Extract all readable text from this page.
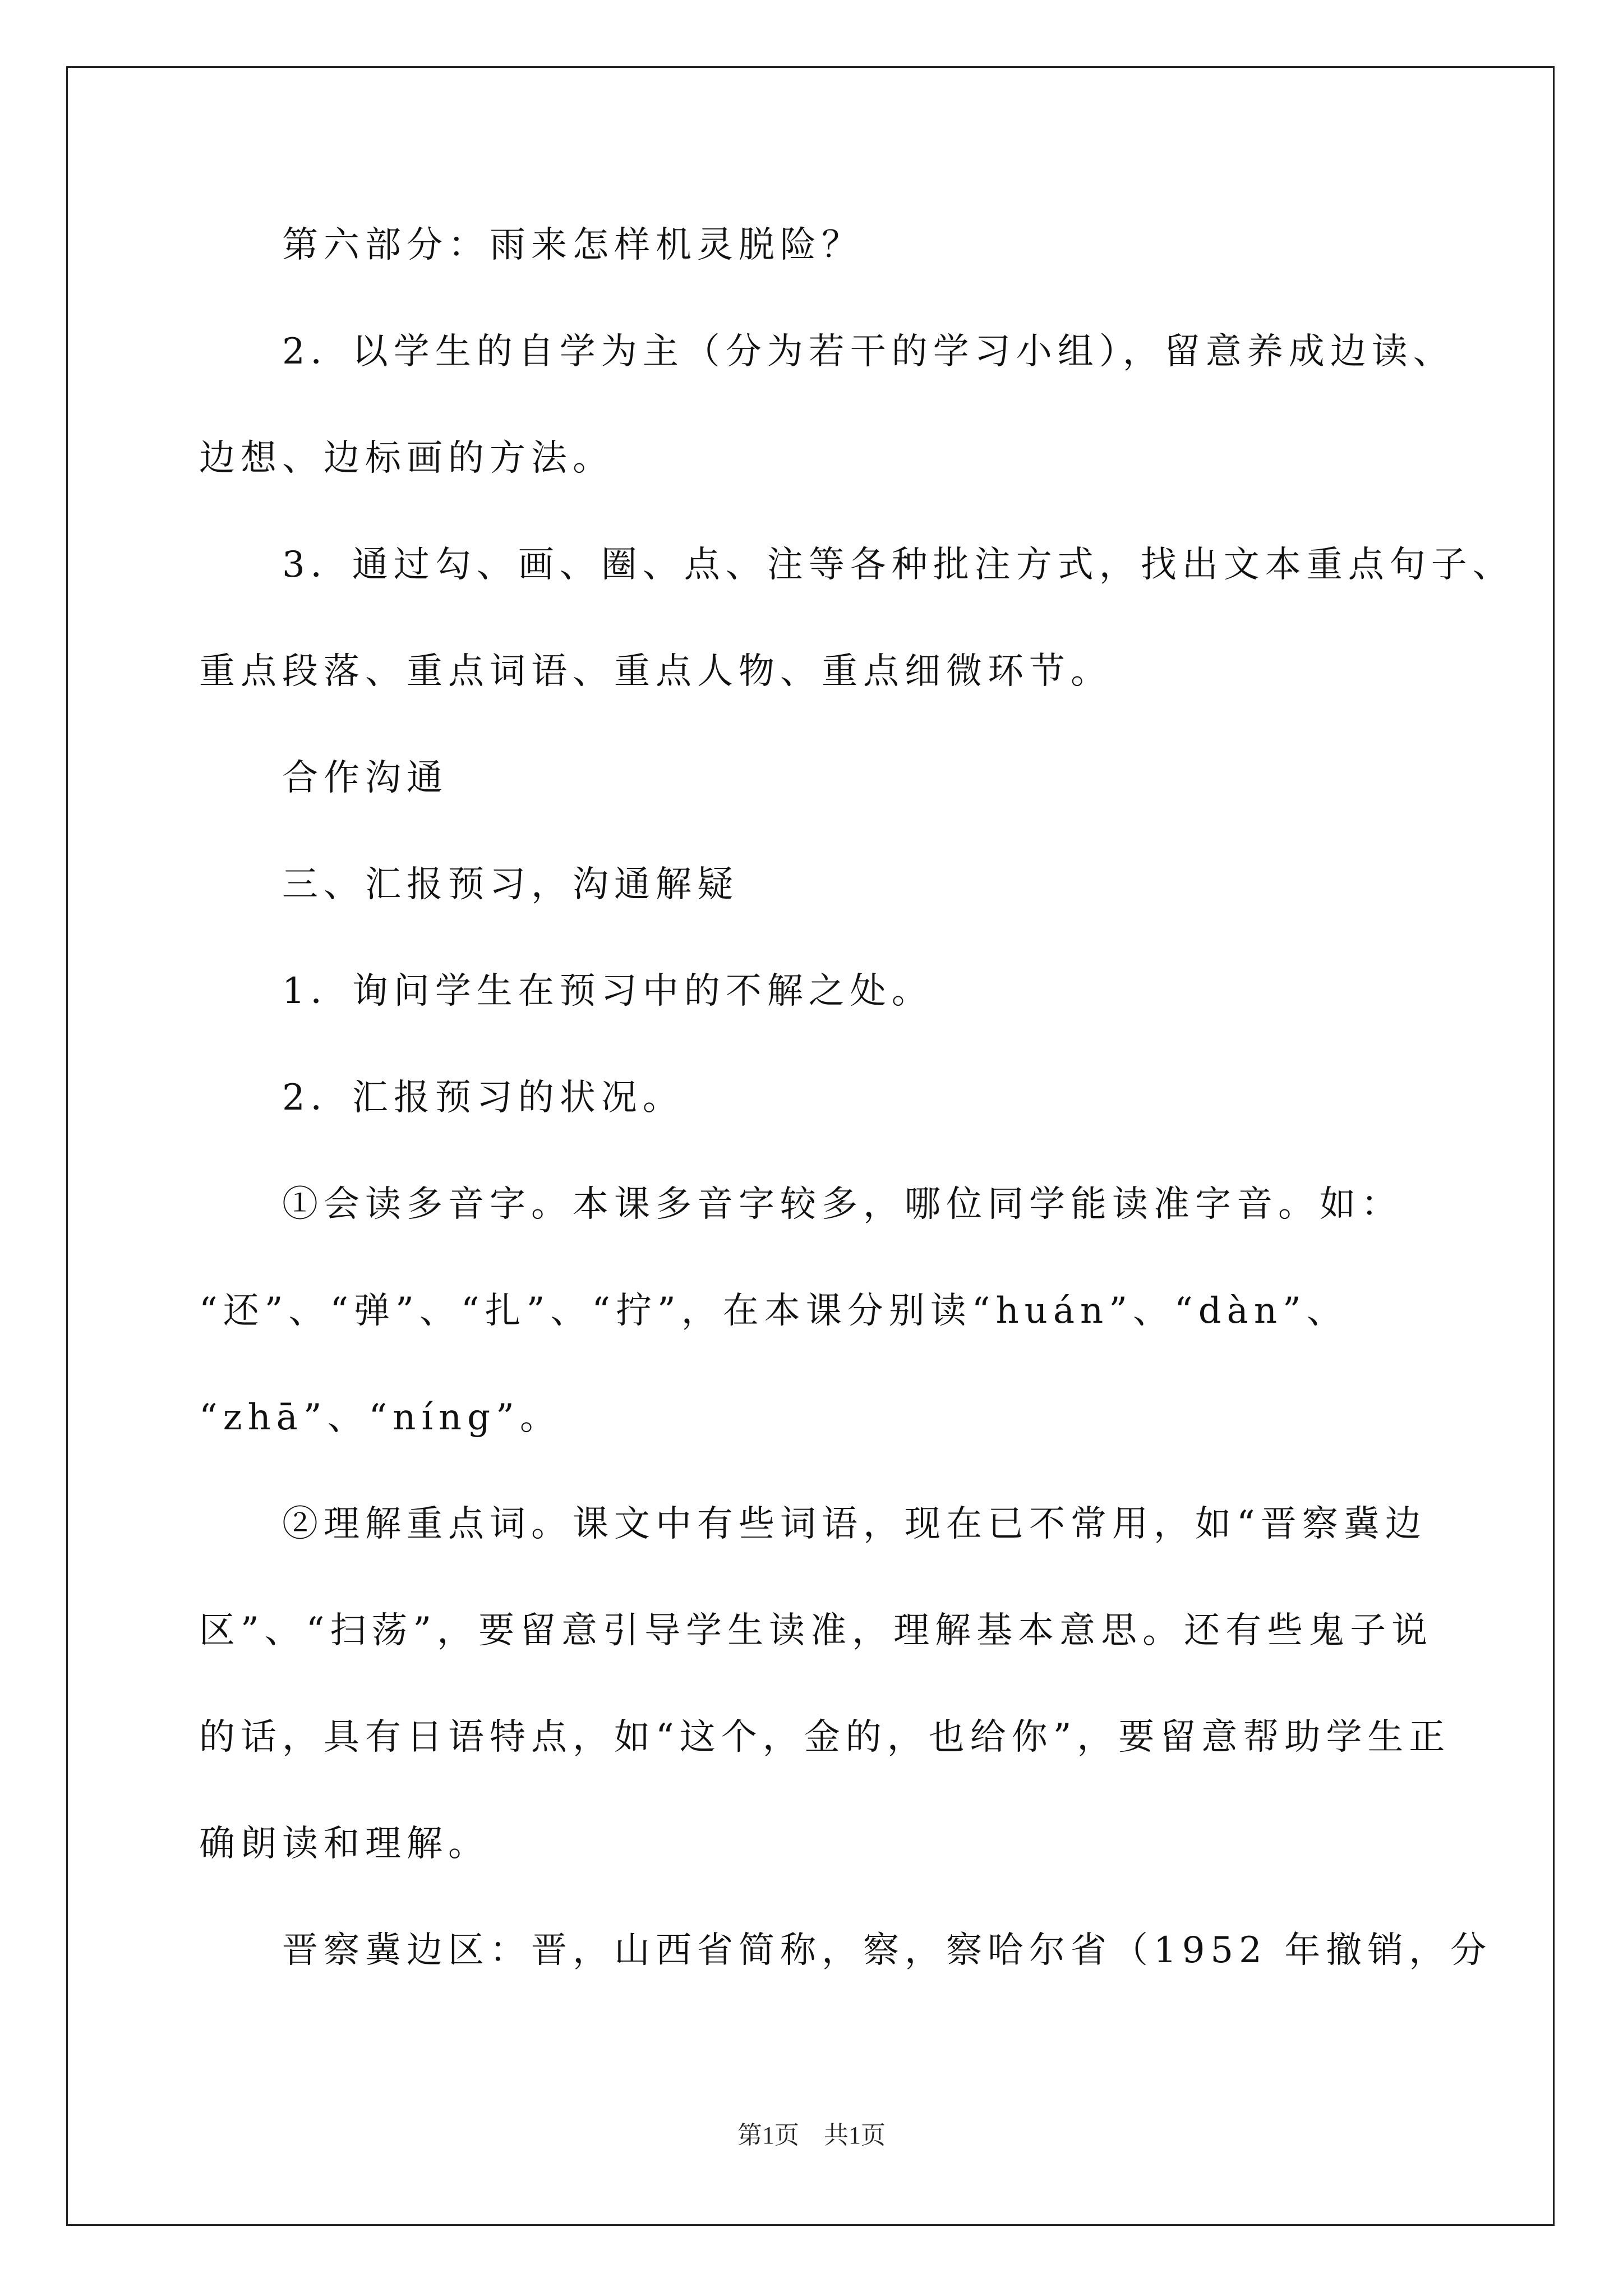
第六部分：雨来怎样机灵脱险？
2．以学生的自学为主（分为若干的学习小组），留意养成边读、
边想、边标画的方法。
3．通过勾、画、圈、点、注等各种批注方式，找出文本重点句子、
重点段落、重点词语、重点人物、重点细微环节。
合作沟通
三、汇报预习，沟通解疑
1．询问学生在预习中的不解之处。
2．汇报预习的状况。
①会读多音字。本课多音字较多，哪位同学能读准字音。如：
“还”、“弹”、“扎”、“拧”，在本课分别读“huán”、“dàn”、
“zhā”、“níng”。
②理解重点词。课文中有些词语，现在已不常用，如“晋察冀边
区”、“扫荡”，要留意引导学生读准，理解基本意思。还有些鬼子说
的话，具有日语特点，如“这个，金的，也给你”，要留意帮助学生正
确朗读和理解。
晋察冀边区：晋，山西省简称，察，察哈尔省（1952 年撤销，分
第1页　共1页
